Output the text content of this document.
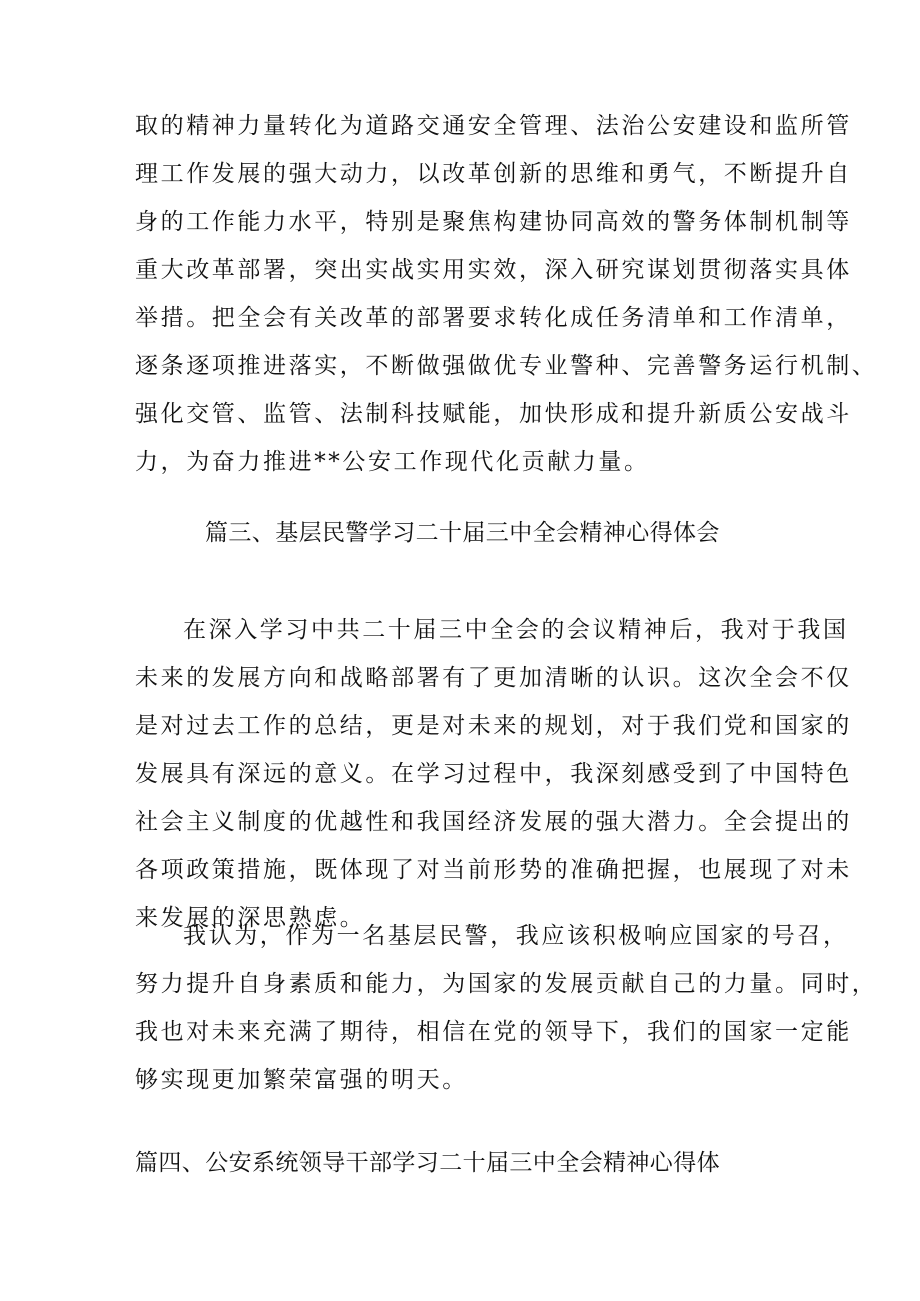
取的精神力量转化为道路交通安全管理、法治公安建设和监所管
理工作发展的强大动力，以改革创新的思维和勇气，不断提升自
身的工作能力水平，特别是聚焦构建协同高效的警务体制机制等
重大改革部署，突出实战实用实效，深入研究谋划贯彻落实具体
举措。把全会有关改革的部署要求转化成任务清单和工作清单，
逐条逐项推进落实，不断做强做优专业警种、完善警务运行机制、
强化交管、监管、法制科技赋能，加快形成和提升新质公安战斗
力，为奋力推进**公安工作现代化贡献力量。
篇三、基层民警学习二十届三中全会精神心得体会
在深入学习中共二十届三中全会的会议精神后，我对于我国
未来的发展方向和战略部署有了更加清晰的认识。这次全会不仅
是对过去工作的总结，更是对未来的规划，对于我们党和国家的
发展具有深远的意义。在学习过程中，我深刻感受到了中国特色
社会主义制度的优越性和我国经济发展的强大潜力。全会提出的
各项政策措施，既体现了对当前形势的准确把握，也展现了对未
来发展的深思熟虑。
我认为，作为一名基层民警，我应该积极响应国家的号召，
努力提升自身素质和能力，为国家的发展贡献自己的力量。同时，
我也对未来充满了期待，相信在党的领导下，我们的国家一定能
够实现更加繁荣富强的明天。
篇四、公安系统领导干部学习二十届三中全会精神心得体
